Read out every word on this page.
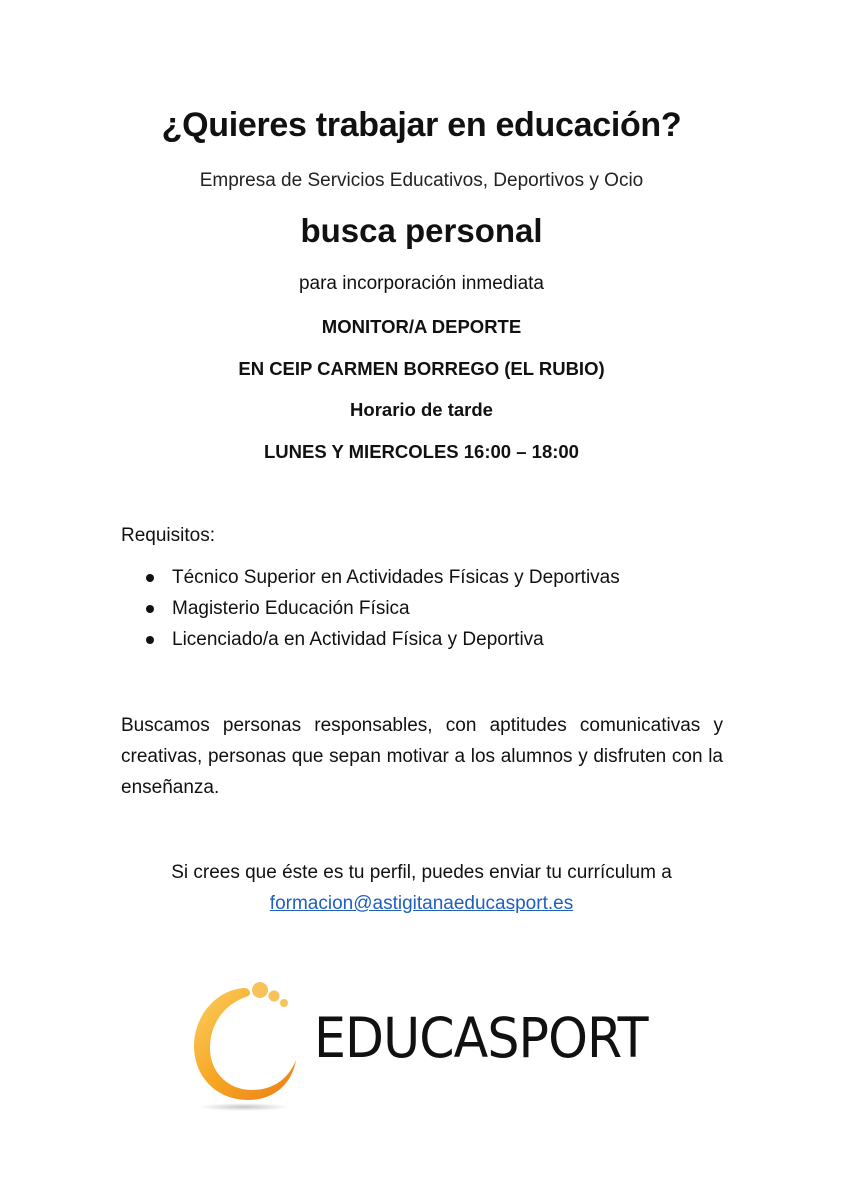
¿Quieres trabajar en educación?
Empresa de Servicios Educativos, Deportivos y Ocio
busca personal
para incorporación inmediata
MONITOR/A DEPORTE
EN CEIP CARMEN BORREGO (EL RUBIO)
Horario de tarde
LUNES Y MIERCOLES 16:00 – 18:00
Requisitos:
Técnico Superior en Actividades Físicas y Deportivas
Magisterio Educación Física
Licenciado/a en Actividad Física y Deportiva
Buscamos personas responsables, con aptitudes comunicativas y creativas, personas que sepan motivar a los alumnos y disfruten con la enseñanza.
Si crees que éste es tu perfil, puedes enviar tu currículum a
formacion@astigitanaeducasport.es
EDUCASPORT
